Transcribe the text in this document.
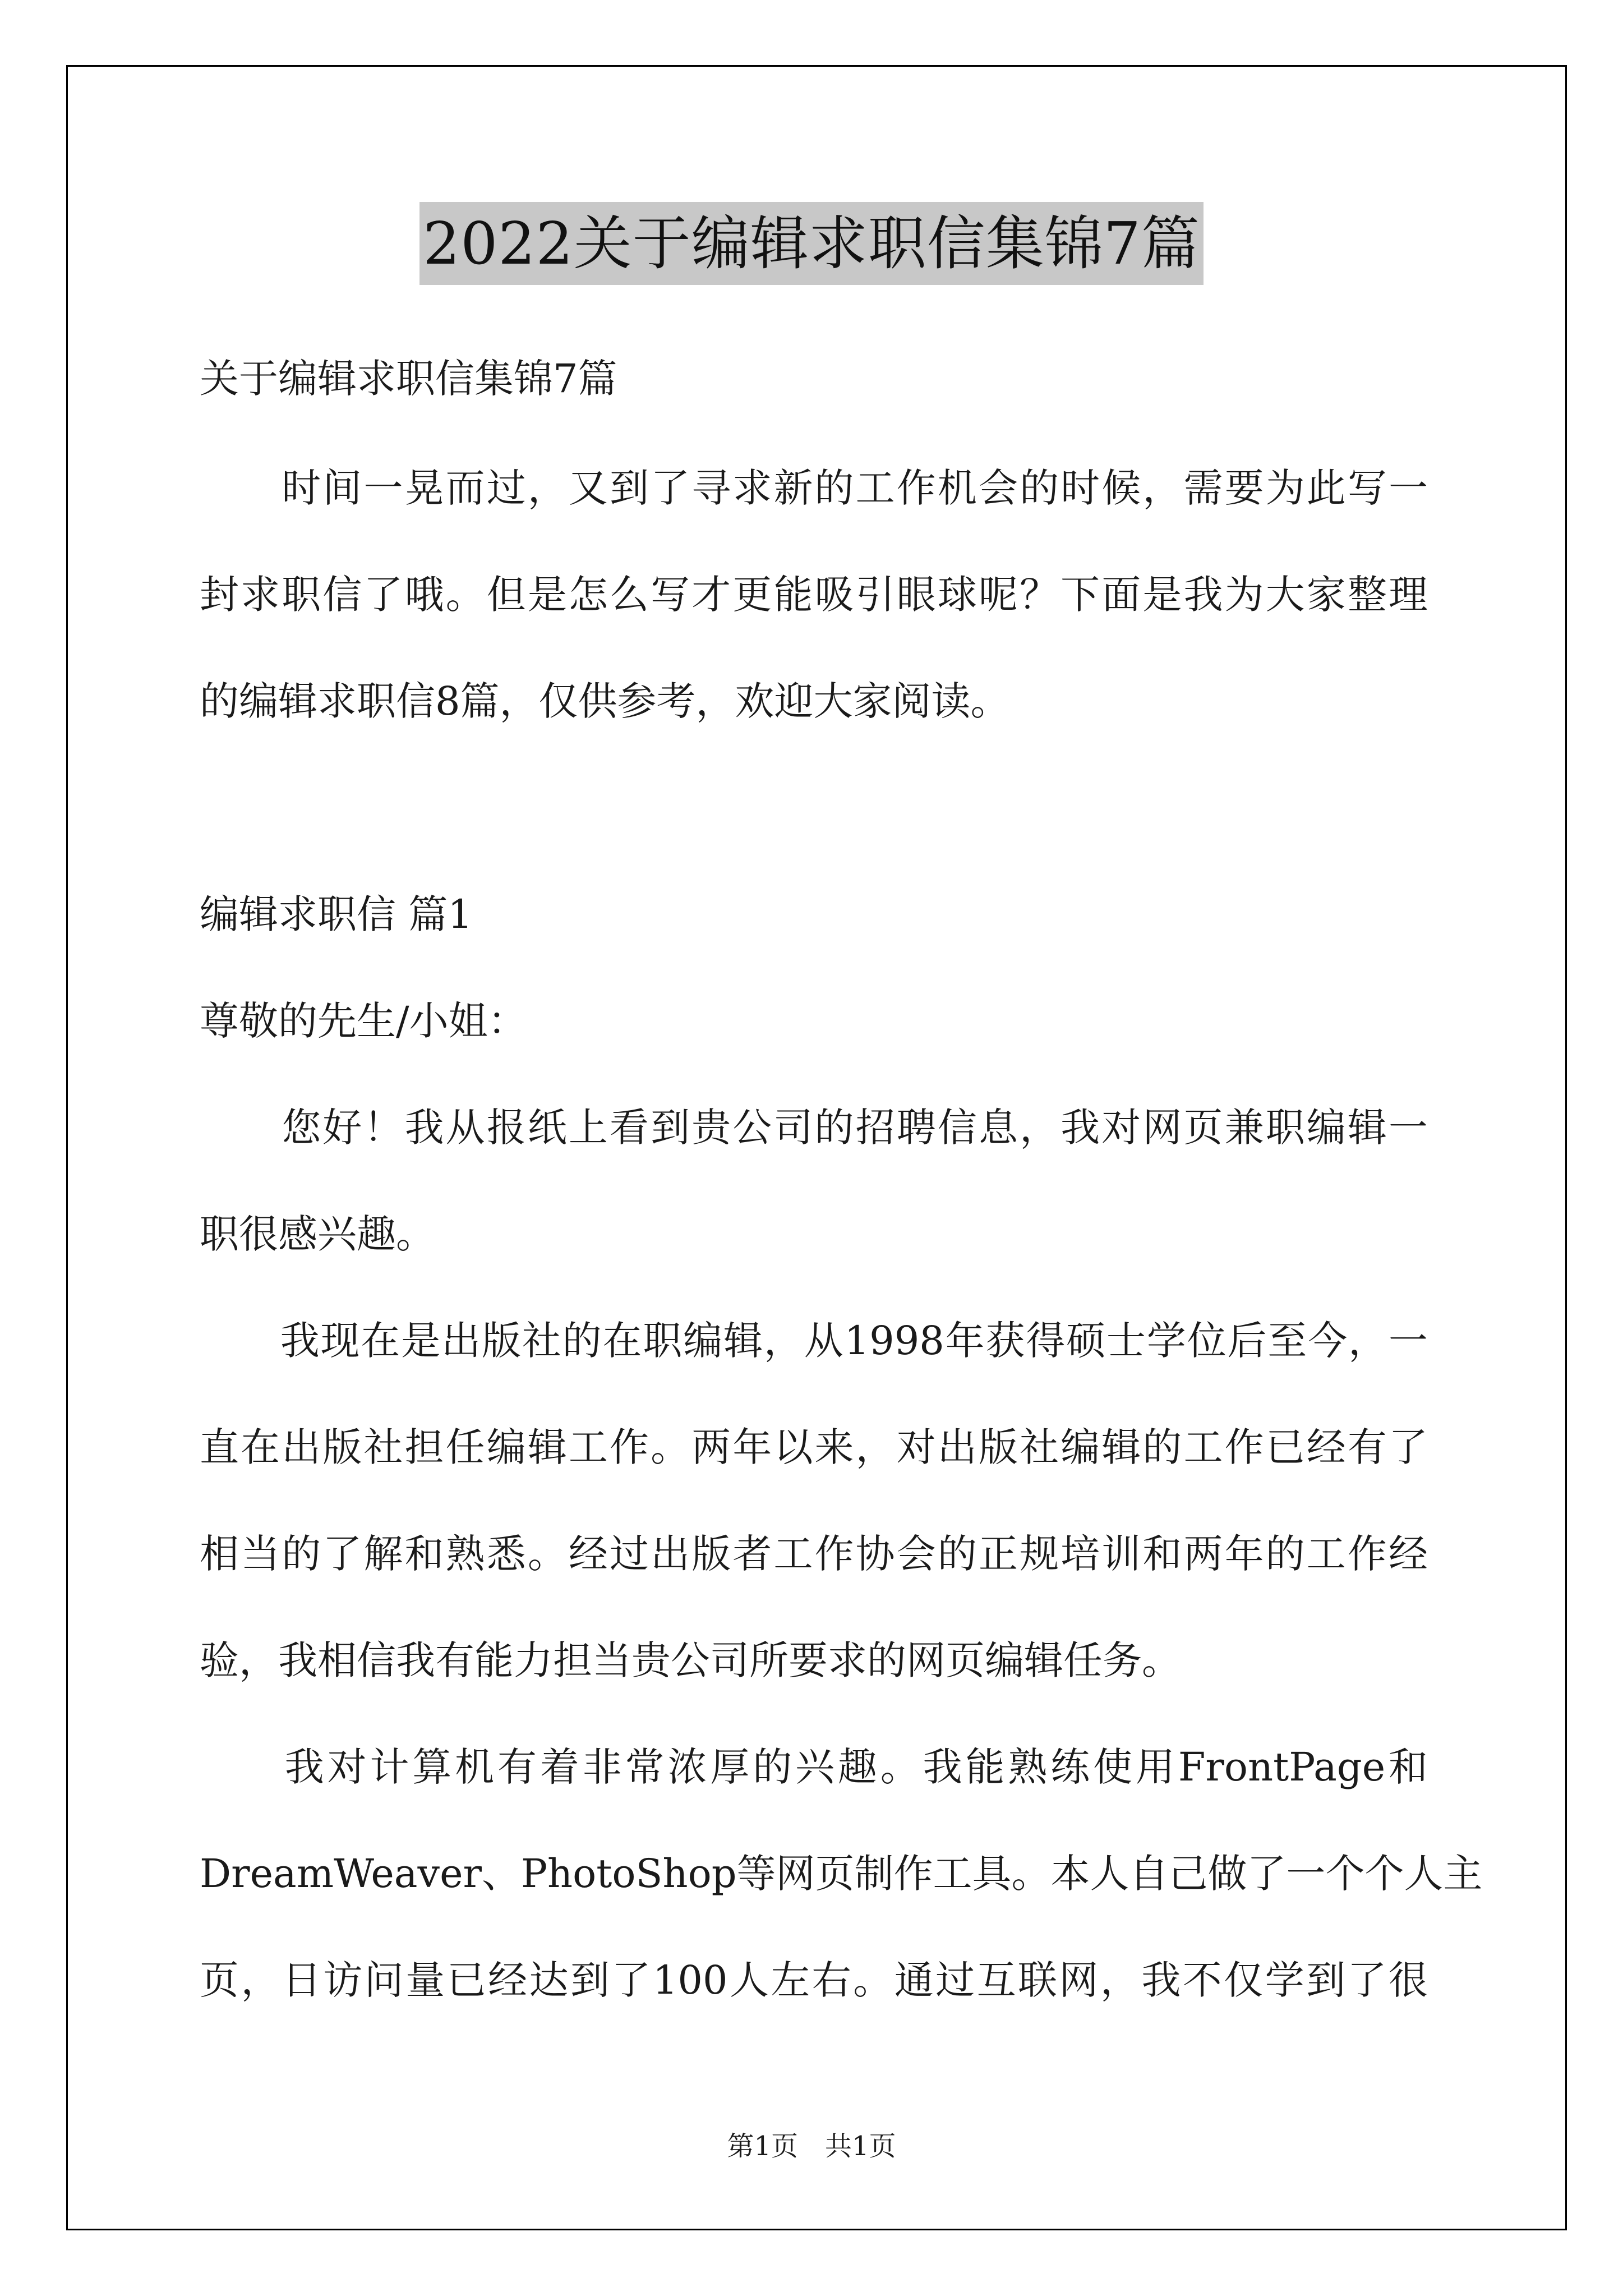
2022关于编辑求职信集锦7篇
关于编辑求职信集锦7篇
　　时间一晃而过，又到了寻求新的工作机会的时候，需要为此写一
封求职信了哦。但是怎么写才更能吸引眼球呢？下面是我为大家整理
的编辑求职信8篇，仅供参考，欢迎大家阅读。
编辑求职信 篇1
尊敬的先生/小姐：
　　您好！我从报纸上看到贵公司的招聘信息，我对网页兼职编辑一
职很感兴趣。
　　我现在是出版社的在职编辑，从1998年获得硕士学位后至今，一
直在出版社担任编辑工作。两年以来，对出版社编辑的工作已经有了
相当的了解和熟悉。经过出版者工作协会的正规培训和两年的工作经
验，我相信我有能力担当贵公司所要求的网页编辑任务。
　　我对计算机有着非常浓厚的兴趣。我能熟练使用FrontPage和
DreamWeaver、PhotoShop等网页制作工具。本人自己做了一个个人主
页，日访问量已经达到了100人左右。通过互联网，我不仅学到了很
第1页　共1页
